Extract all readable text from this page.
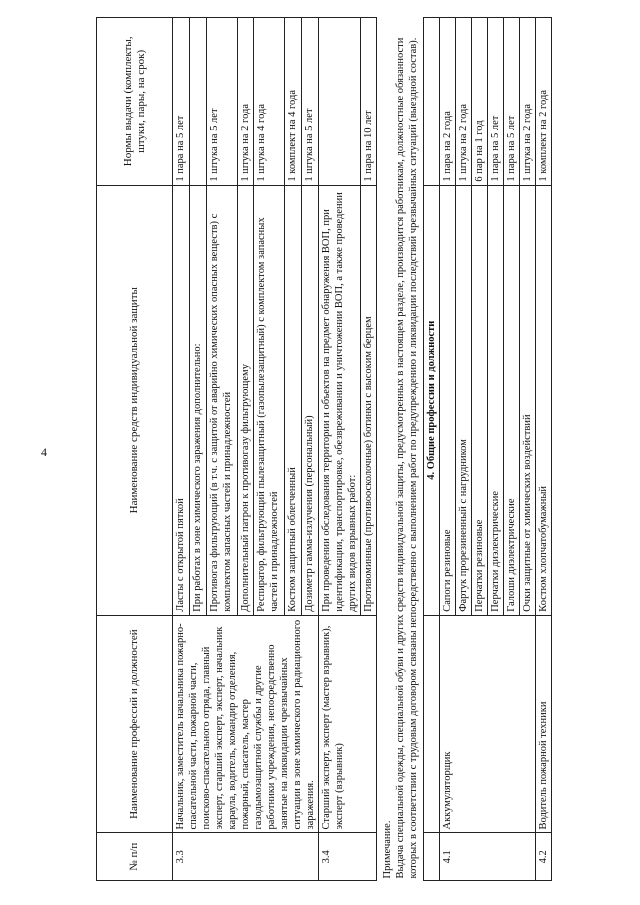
4
№ п/п	Наименование профессий и должностей	Наименование средств индивидуальной защиты	Нормы выдачи (комплекты, штуки, пары, на срок)
3.3	Начальник, заместитель начальника пожарно-спасательной части, пожарной части, поисково-спасательного отряда, главный эксперт, старший эксперт, эксперт, начальник караула, водитель, командир отделения, пожарный, спасатель, мастер газодымозащитной службы и другие работники учреждения, непосредственно занятые на ликвидации чрезвычайных ситуации в зоне химического и радиационного заражения.	Ласты с открытой пяткой	1 пара на 5 лет
		При работах в зоне химического заражения дополнительно:	
		Противогаз фильтрующий (в т.ч. с защитой от аварийно химических опасных веществ) с комплектом запасных частей и принадлежностей	1 штука на 5 лет
		Дополнительный патрон к противогазу фильтрующему	1 штука на 2 года
		Респиратор, фильтрующий пылезащитный (газопылезащитный) с комплектом запасных частей и принадлежностей	1 штука на 4 года
		Костюм защитный облегченный	1 комплект на 4 года
		Дозиметр гамма-излучения (персональный)	1 штука на 5 лет
3.4	Старший эксперт, эксперт (мастер взрывник), эксперт (взрывник)	При проведении обследования территории и объектов на предмет обнаружения ВОП, при идентификации, транспортировке, обезвреживании и уничтожении ВОП, а также проведении других видов взрывных работ:	
		Противоминные (противоосколочные) ботинки с высоким берцем	1 пара на 10 лет

Примечание. Выдача специальной одежды, специальной обуви и других средств индивидуальной защиты, предусмотренных в настоящем разделе, производится работникам, должностные обязанности которых в соответствии с трудовым договором связаны непосредственно с выполнением работ по предупреждению и ликвидации последствий чрезвычайных ситуаций (выездной состав).			

		4. Общие профессии и должности	
4.1	Аккумуляторщик	Сапоги резиновые	1 пара на 2 года
		Фартук прорезиненный с нагрудником	1 штука на 2 года
		Перчатки резиновые	6 пар на 1 год
		Перчатки диэлектрические	1 пара на 5 лет
		Галоши диэлектрические	1 пара на 5 лет
		Очки защитные от химических воздействий	1 штука на 2 года
4.2	Водитель пожарной техники	Костюм хлопчатобумажный	1 комплект на 2 года
